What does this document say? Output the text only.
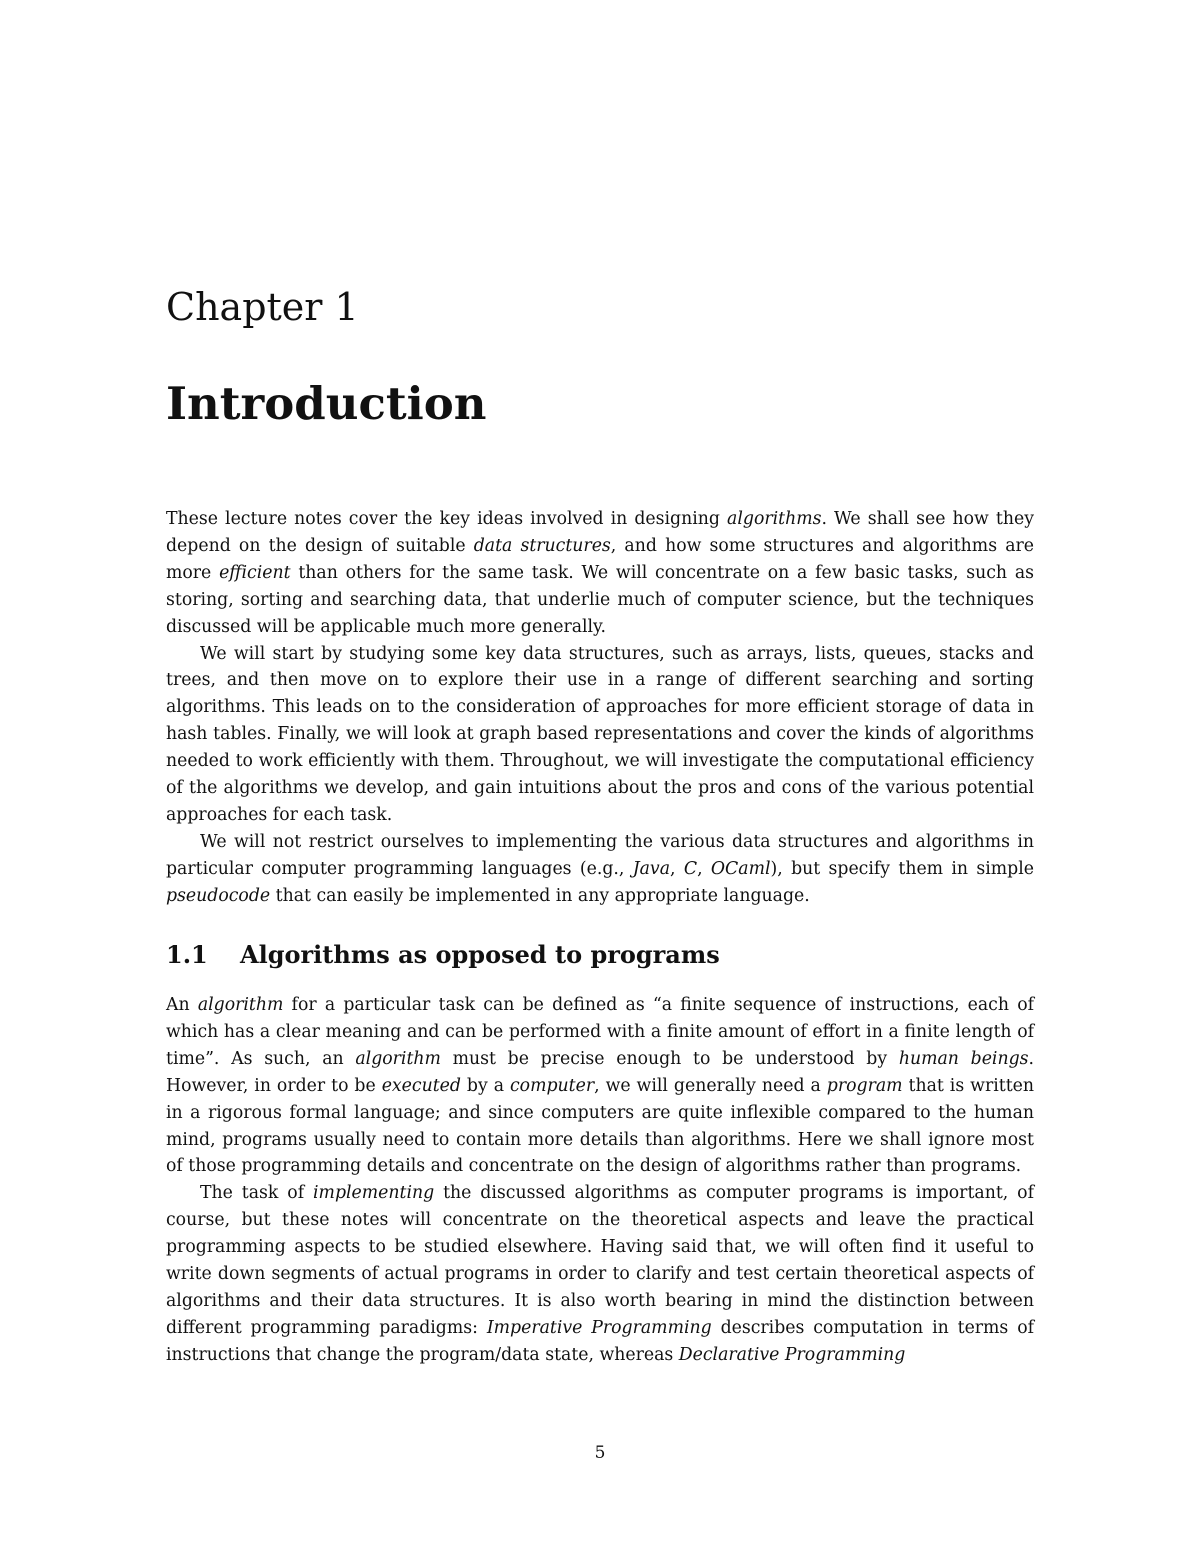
Chapter 1
Introduction

These lecture notes cover the key ideas involved in designing algorithms. We shall see how they depend on the design of suitable data structures, and how some structures and algorithms are more efficient than others for the same task. We will concentrate on a few basic tasks, such as storing, sorting and searching data, that underlie much of computer science, but the techniques discussed will be applicable much more generally.

We will start by studying some key data structures, such as arrays, lists, queues, stacks and trees, and then move on to explore their use in a range of different searching and sorting algorithms. This leads on to the consideration of approaches for more efficient storage of data in hash tables. Finally, we will look at graph based representations and cover the kinds of algorithms needed to work efficiently with them. Throughout, we will investigate the computational efficiency of the algorithms we develop, and gain intuitions about the pros and cons of the various potential approaches for each task.

We will not restrict ourselves to implementing the various data structures and algorithms in particular computer programming languages (e.g., Java, C, OCaml), but specify them in simple pseudocode that can easily be implemented in any appropriate language.

1.1 Algorithms as opposed to programs

An algorithm for a particular task can be defined as “a finite sequence of instructions, each of which has a clear meaning and can be performed with a finite amount of effort in a finite length of time”. As such, an algorithm must be precise enough to be understood by human beings. However, in order to be executed by a computer, we will generally need a program that is written in a rigorous formal language; and since computers are quite inflexible compared to the human mind, programs usually need to contain more details than algorithms. Here we shall ignore most of those programming details and concentrate on the design of algorithms rather than programs.

The task of implementing the discussed algorithms as computer programs is important, of course, but these notes will concentrate on the theoretical aspects and leave the practical programming aspects to be studied elsewhere. Having said that, we will often find it useful to write down segments of actual programs in order to clarify and test certain theoretical aspects of algorithms and their data structures. It is also worth bearing in mind the distinction between different programming paradigms: Imperative Programming describes computation in terms of instructions that change the program/data state, whereas Declarative Programming

5
